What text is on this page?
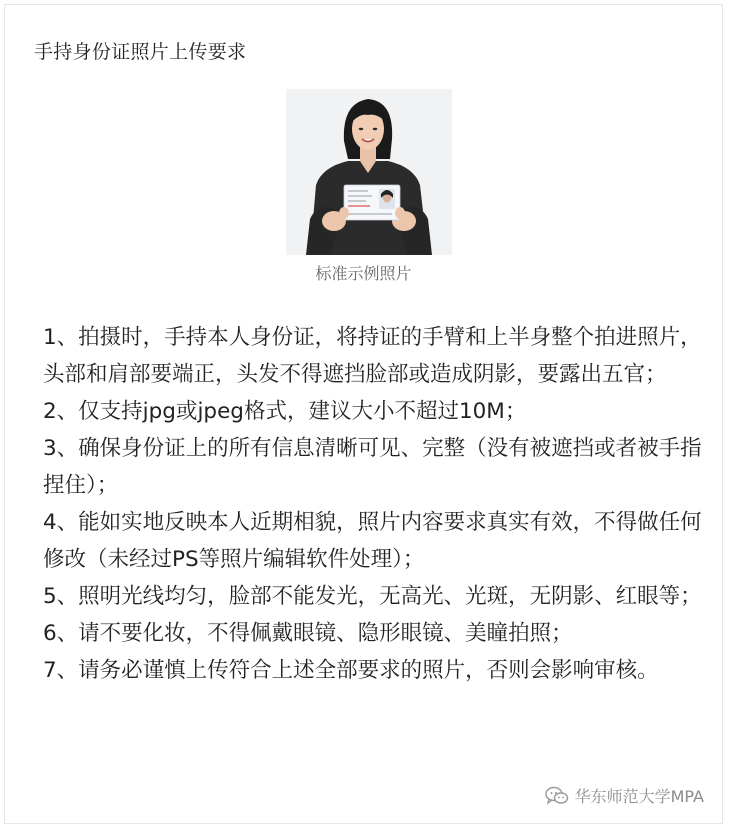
手持身份证照片上传要求
标准示例照片

1、拍摄时，手持本人身份证，将持证的手臂和上半身整个拍进照片，头部和肩部要端正，头发不得遮挡脸部或造成阴影，要露出五官；

2、仅支持jpg或jpeg格式，建议大小不超过10M；

3、确保身份证上的所有信息清晰可见、完整（没有被遮挡或者被手指捏住）；

4、能如实地反映本人近期相貌，照片内容要求真实有效，不得做任何修改（未经过PS等照片编辑软件处理）；

5、照明光线均匀，脸部不能发光，无高光、光斑，无阴影、红眼等；

6、请不要化妆，不得佩戴眼镜、隐形眼镜、美瞳拍照；

7、请务必谨慎上传符合上述全部要求的照片，否则会影响审核。

华东师范大学MPA
